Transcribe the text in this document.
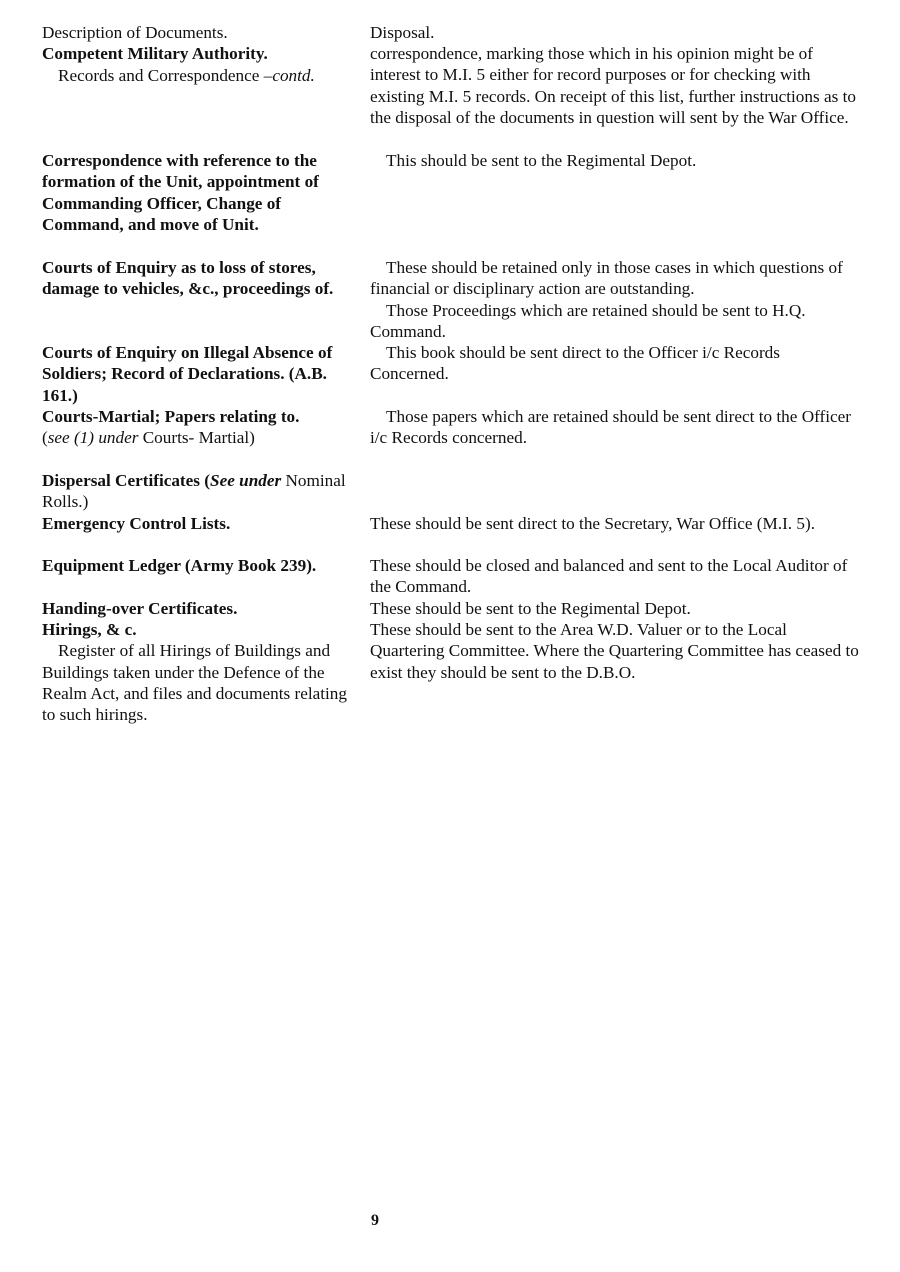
Description of Documents.

Competent Military Authority.

Records and Correspondence –contd.

Correspondence with reference to the formation of the Unit, appointment of Commanding Officer, Change of Command, and move of Unit.

Courts of Enquiry as to loss of stores, damage to vehicles, &c., proceedings of.

Courts of Enquiry on Illegal Absence of Soldiers; Record of Declarations. (A.B. 161.)

Courts-Martial; Papers relating to.

(see (1) under Courts- Martial)

Dispersal Certificates (See under Nominal Rolls.)

Emergency Control Lists.

Equipment Ledger (Army Book 239).

Handing-over Certificates.

Hirings, & c.

Register of all Hirings of Buildings and Buildings taken under the Defence of the Realm Act, and files and documents relating to such hirings.

Disposal.

correspondence, marking those which in his opinion might be of interest to M.I. 5 either for record purposes or for checking with existing M.I. 5 records. On receipt of this list, further instructions as to the disposal of the documents in question will sent by the War Office.

This should be sent to the Regimental Depot.

These should be retained only in those cases in which questions of financial or disciplinary action are outstanding.

Those Proceedings which are retained should be sent to H.Q. Command.

This book should be sent direct to the Officer i/c Records Concerned.

Those papers which are retained should be sent direct to the Officer i/c Records concerned.

These should be sent direct to the Secretary, War Office (M.I. 5).

These should be closed and balanced and sent to the Local Auditor of the Command.

These should be sent to the Regimental Depot.

These should be sent to the Area W.D. Valuer or to the Local Quartering Committee. Where the Quartering Committee has ceased to exist they should be sent to the D.B.O.

9
